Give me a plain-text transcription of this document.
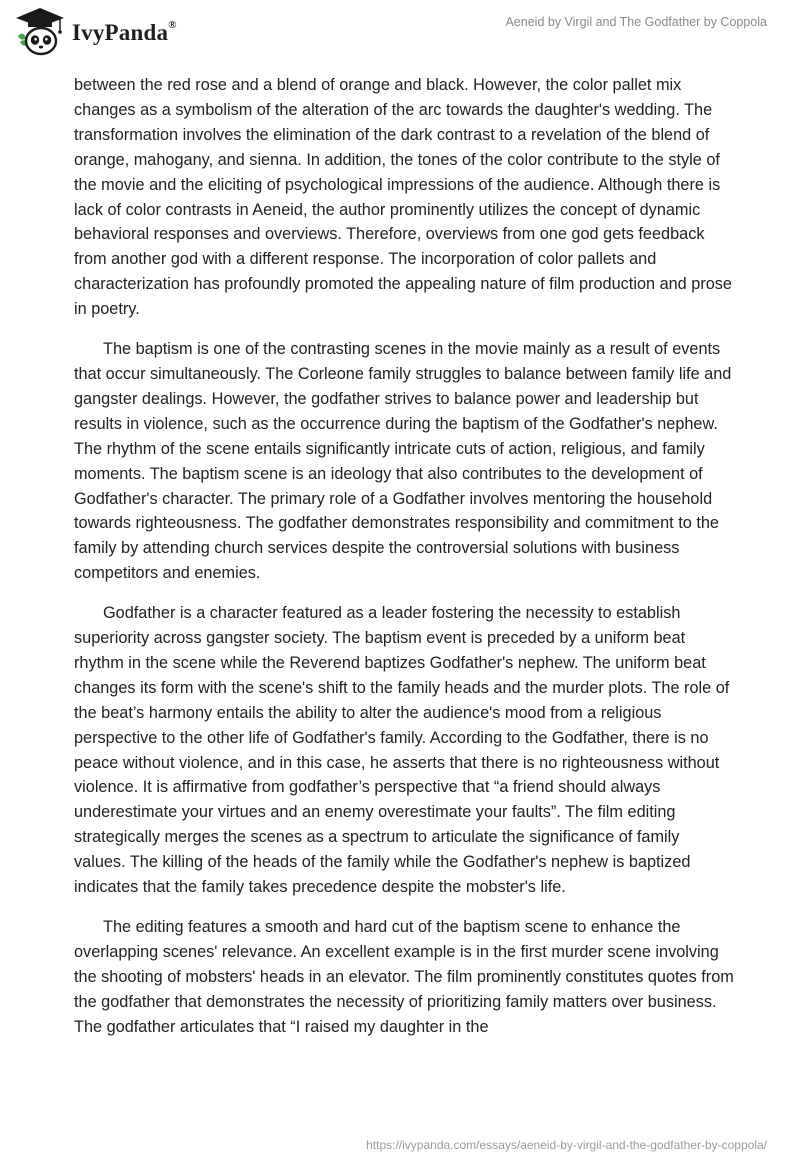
IvyPanda®	Aeneid by Virgil and The Godfather by Coppola

between the red rose and a blend of orange and black. However, the color pallet mix changes as a symbolism of the alteration of the arc towards the daughter's wedding. The transformation involves the elimination of the dark contrast to a revelation of the blend of orange, mahogany, and sienna. In addition, the tones of the color contribute to the style of the movie and the eliciting of psychological impressions of the audience. Although there is lack of color contrasts in Aeneid, the author prominently utilizes the concept of dynamic behavioral responses and overviews. Therefore, overviews from one god gets feedback from another god with a different response. The incorporation of color pallets and characterization has profoundly promoted the appealing nature of film production and prose in poetry.

The baptism is one of the contrasting scenes in the movie mainly as a result of events that occur simultaneously. The Corleone family struggles to balance between family life and gangster dealings. However, the godfather strives to balance power and leadership but results in violence, such as the occurrence during the baptism of the Godfather's nephew. The rhythm of the scene entails significantly intricate cuts of action, religious, and family moments. The baptism scene is an ideology that also contributes to the development of Godfather's character. The primary role of a Godfather involves mentoring the household towards righteousness. The godfather demonstrates responsibility and commitment to the family by attending church services despite the controversial solutions with business competitors and enemies.

Godfather is a character featured as a leader fostering the necessity to establish superiority across gangster society. The baptism event is preceded by a uniform beat rhythm in the scene while the Reverend baptizes Godfather's nephew. The uniform beat changes its form with the scene's shift to the family heads and the murder plots. The role of the beat’s harmony entails the ability to alter the audience's mood from a religious perspective to the other life of Godfather's family. According to the Godfather, there is no peace without violence, and in this case, he asserts that there is no righteousness without violence. It is affirmative from godfather’s perspective that “a friend should always underestimate your virtues and an enemy overestimate your faults”. The film editing strategically merges the scenes as a spectrum to articulate the significance of family values. The killing of the heads of the family while the Godfather's nephew is baptized indicates that the family takes precedence despite the mobster's life.

The editing features a smooth and hard cut of the baptism scene to enhance the overlapping scenes' relevance. An excellent example is in the first murder scene involving the shooting of mobsters' heads in an elevator. The film prominently constitutes quotes from the godfather that demonstrates the necessity of prioritizing family matters over business. The godfather articulates that “I raised my daughter in the

https://ivypanda.com/essays/aeneid-by-virgil-and-the-godfather-by-coppola/
